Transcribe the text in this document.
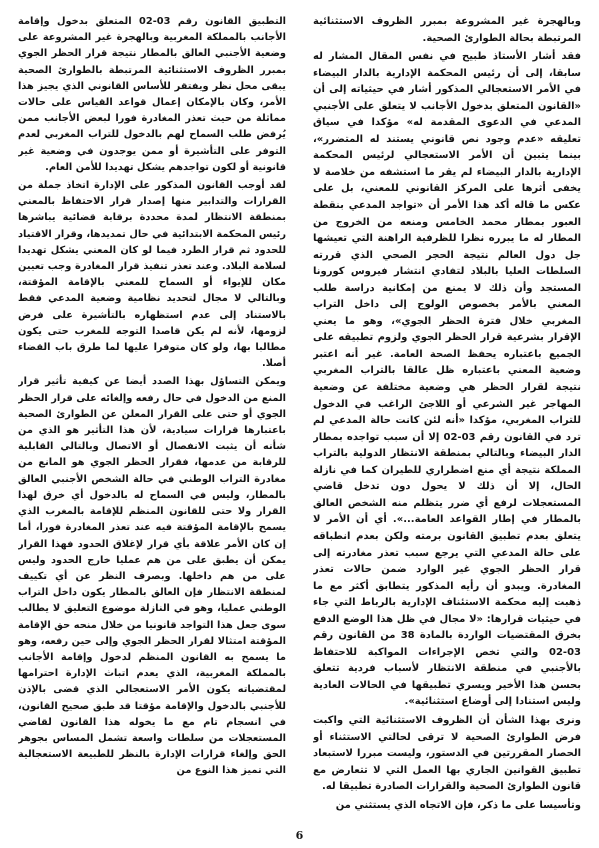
وبالهجرة غير المشروعة بمبرر الظروف الاستثنائية المرتبطة بحالة الطوارئ الصحية.

فقد أشار الأستاذ طبيح في نفس المقال المشار له سابقا، إلى أن رئيس المحكمة الإدارية بالدار البيضاء في الأمر الاستعجالي المذكور أشار في حيثياته إلى أن «القانون المتعلق بدخول الأجانب لا يتعلق على الأجنبي المدعي في الدعوى المقدمة له» مؤكدا في سياق تعليقه «عدم وجود نص قانوني يستند له المتضرر»، بينما يتبين أن الأمر الاستعجالي لرئيس المحكمة الإدارية بالدار البيضاء لم يقر ما استشفه من خلاصة لا يخفى أثرها على المركز القانوني للمعني، بل على عكس ما قاله أكد هذا الأمر أن «تواجد المدعي بنقطة العبور بمطار محمد الخامس ومنعه من الخروج من المطار له ما يبرره نظرا للظرفية الراهنة التي تعيشها جل دول العالم نتيجة الحجر الصحي الذي قررته السلطات العليا بالبلاد لتفادي انتشار فيروس كورونا المستجد وأن ذلك لا يمنع من إمكانية دراسة طلب المعني بالأمر بخصوص الولوج إلى داخل التراب المغربي خلال فترة الحظر الجوي»، وهو ما يعني الإقرار بشرعية قرار الحظر الجوي ولزوم تطبيقه على الجميع باعتباره يحفظ الصحة العامة. غير أنه اعتبر وضعية المعني باعتباره ظل عالقا بالتراب المغربي نتيجة لقرار الحظر هي وضعية مختلفة عن وضعية المهاجر غير الشرعي أو اللاجئ الراغب في الدخول للتراب المغربي، مؤكدا «أنه لئن كانت حالة المدعي لم ترد في القانون رقم 03-02 إلا أن سبب تواجده بمطار الدار البيضاء وبالتالي بمنطقة الانتظار الدولية بالتراب المملكة نتيجة أي منع اضطراري للطيران كما في نازلة الحال، إلا أن ذلك لا يحول دون تدخل قاضي المستعجلات لرفع أي ضرر يتظلم منه الشخص العالق بالمطار في إطار القواعد العامة...». أي أن الأمر لا يتعلق بعدم تطبيق القانون برمته ولكن بعدم انطباقه على حالة المدعي التي يرجع سبب تعذر مغادرته إلى قرار الحظر الجوي غير الوارد ضمن حالات تعذر المغادرة. ويبدو أن رأيه المذكور يتطابق أكثر مع ما ذهبت إليه محكمة الاستئناف الإدارية بالرباط التي جاء في حيثيات قرارها: «لا مجال في ظل هذا الوضع الدفع بخرق المقتضيات الواردة بالمادة 38 من القانون رقم 03-02 والتي تخص الإجراءات المواكبة للاحتفاظ بالأجنبي في منطقة الانتظار لأسباب فردية تتعلق بحسن هذا الأخير ويسري تطبيقها في الحالات العادية وليس استنادا إلى أوضاع استثنائية».

ونرى بهذا الشأن أن الظروف الاستثنائية التي واكبت فرض الطوارئ الصحية لا ترقى لحالتي الاستثناء أو الحصار المقررتين في الدستور، وليست مبررا لاستبعاد تطبيق القوانين الجاري بها العمل التي لا تتعارض مع قانون الطوارئ الصحية والقرارات الصادرة تطبيقا له.

وتأسيسا على ما ذكر، فإن الاتجاه الذي يستثني من

التطبيق القانون رقم 03-02 المتعلق بدخول وإقامة الأجانب بالمملكة المغربية وبالهجرة غير المشروعة على وضعية الأجنبي العالق بالمطار نتيجة قرار الحظر الجوي بمبرر الظروف الاستثنائية المرتبطة بالطوارئ الصحية يبقى محل نظر ويفتقر للأساس القانوني الذي يجيز هذا الأمر، وكان بالإمكان إعمال قواعد القياس على حالات مماثلة من حيث تعذر المغادرة فورا لبعض الأجانب ممن يُرفض طلب السماح لهم بالدخول للتراب المغربي لعدم التوفر على التأشيرة أو ممن يوجدون في وضعية غير قانونية أو لكون تواجدهم يشكل تهديدا للأمن العام.

لقد أوجب القانون المذكور على الإدارة اتخاذ جملة من القرارات والتدابير منها إصدار قرار الاحتفاظ بالمعني بمنطقة الانتظار لمدة محددة برقابة قضائية يباشرها رئيس المحكمة الابتدائية في حال تمديدها، وقرار الاقتياد للحدود ثم قرار الطرد فيما لو كان المعني يشكل تهديدا لسلامة البلاد. وعند تعذر تنفيذ قرار المغادرة وجب تعيين مكان للإيواء أو السماح للمعني بالإقامة المؤقتة، وبالتالي لا مجال لتحديد نظامية وضعية المدعي فقط بالاستناد إلى عدم استظهاره بالتأشيرة على فرض لزومها، لأنه لم يكن قاصدا التوجه للمغرب حتى يكون مطالبا بها، ولو كان متوفرا عليها لما طرق باب القضاء أصلا.

ويمكن التساؤل بهذا الصدد أيضا عن كيفية تأثير قرار المنع من الدخول في حال رفعه وإلغائه على قرار الحظر الجوي أو حتى على القرار المعلن عن الطوارئ الصحية باعتبارها قرارات سيادية، لأن هذا التأثير هو الذي من شأنه أن يثبت الانفصال أو الاتصال وبالتالي القابلية للرقابة من عدمها، فقرار الحظر الجوي هو المانع من مغادرة التراب الوطني في حالة الشخص الأجنبي العالق بالمطار، وليس في السماح له بالدخول أي خرق لهذا القرار ولا حتى للقانون المنظم للإقامة بالمغرب الذي يسمح بالإقامة المؤقتة فيه عند تعذر المغادرة فورا، أما إن كان الأمر علاقة بأي قرار لإغلاق الحدود فهذا القرار يمكن أن يطبق على من هم عمليا خارج الحدود وليس على من هم داخلها. وبصرف النظر عن أي تكييف لمنطقة الانتظار فإن العالق بالمطار يكون داخل التراب الوطني عمليا، وهو في النازلة موضوع التعليق لا يطالب سوى جعل هذا التواجد قانونيا من خلال منحه حق الإقامة المؤقتة امتثالا لقرار الحظر الجوي وإلى حين رفعه، وهو ما يسمح به القانون المنظم لدخول وإقامة الأجانب بالمملكة المغربية، الذي يعدم اتباث الإدارة احترامها لمقتضياته يكون الأمر الاستعجالي الذي قضى بالإذن للأجنبي بالدخول والإقامة مؤقتا قد طبق صحيح القانون، في انسجام تام مع ما يخوله هذا القانون لقاضي المستعجلات من سلطات واسعة تشمل المساس بجوهر الحق وإلغاء قرارات الإدارة بالنظر للطبيعة الاستعجالية التي تميز هذا النوع من

6
